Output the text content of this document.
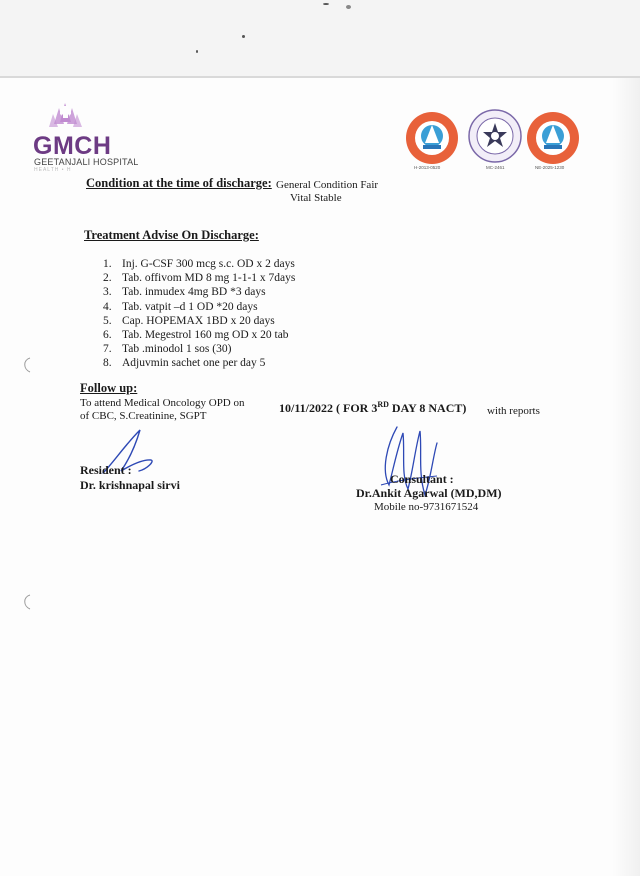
GMCH
GEETANJALI HOSPITAL
HEALTH • H	H-2013-0520	MC-2461	NE-2025-1230
Condition at the time of discharge: General Condition Fair
Vital Stable
Treatment Advise On Discharge:
1. Inj. G-CSF 300 mcg s.c. OD x 2 days
2. Tab. offivom MD 8 mg 1-1-1 x 7days
3. Tab. inmudex 4mg BD *3 days
4. Tab. vatpit –d 1 OD *20 days
5. Cap. HOPEMAX 1BD x 20 days
6. Tab. Megestrol 160 mg OD x 20 tab
7. Tab .minodol 1 sos (30)
8. Adjuvmin sachet one per day 5
Follow up:
To attend Medical Oncology OPD on
of CBC, S.Creatinine, SGPT
10/11/2022 ( FOR 3RD DAY 8 NACT) with reports
Resident :
Dr. krishnapal sirvi	Consultant :
Dr.Ankit Agarwal (MD,DM)
Mobile no-9731671524
